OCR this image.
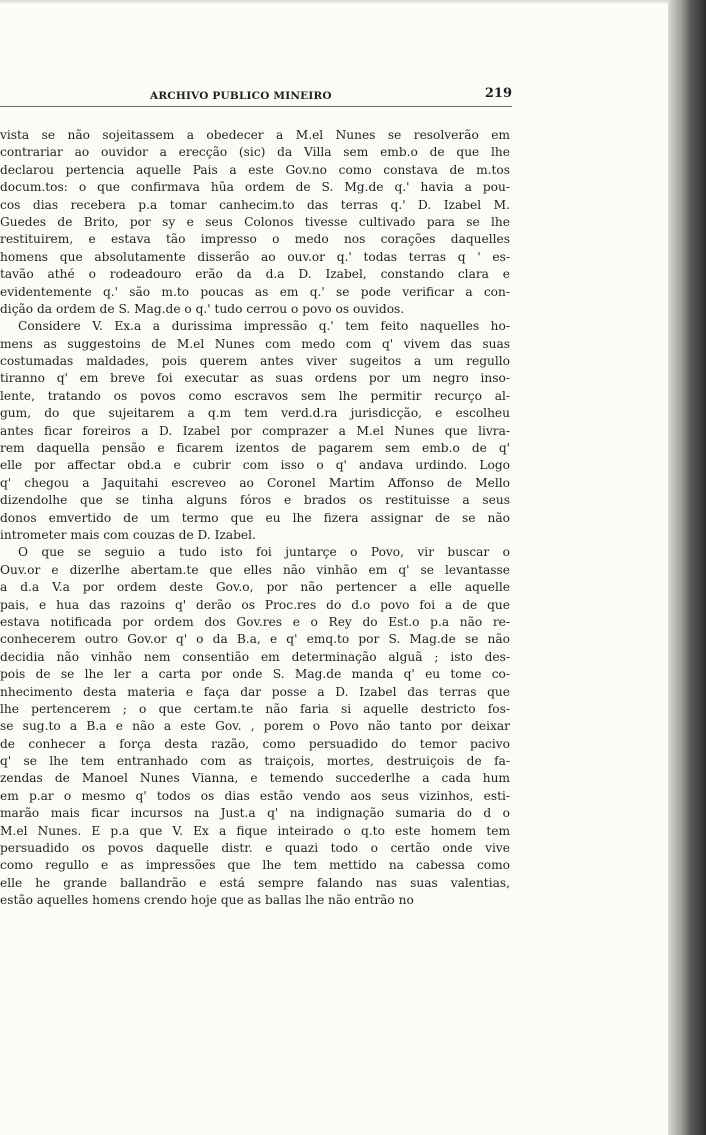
ARCHIVO PUBLICO MINEIRO	219
vista se não sojeitassem a obedecer a M.el Nunes se resolverão em
contrariar ao ouvidor a erecção (sic) da Villa sem emb.o de que lhe
declarou pertencia aquelle Pais a este Gov.no como constava de m.tos
docum.tos: o que confirmava hũa ordem de S. Mg.de q.' havia a pou-
cos dias recebera p.a tomar canhecim.to das terras q.' D. Izabel M.
Guedes de Brito, por sy e seus Colonos tivesse cultivado para se lhe
restituirem, e estava tão impresso o medo nos corações daquelles
homens que absolutamente disserão ao ouv.or q.' todas terras q ' es-
tavão athé o rodeadouro erão da d.a D. Izabel, constando clara e
evidentemente q.' são m.to poucas as em q.' se pode verificar a con-
dição da ordem de S. Mag.de o q.' tudo cerrou o povo os ouvidos.
Considere V. Ex.a a durissima impressão q.' tem feito naquelles ho-
mens as suggestoins de M.el Nunes com medo com q' vivem das suas
costumadas maldades, pois querem antes viver sugeitos a um regullo
tiranno q' em breve foi executar as suas ordens por um negro inso-
lente, tratando os povos como escravos sem lhe permitir recurço al-
gum, do que sujeitarem a q.m tem verd.d.ra jurisdicção, e escolheu
antes ficar foreiros a D. Izabel por comprazer a M.el Nunes que livra-
rem daquella pensão e ficarem izentos de pagarem sem emb.o de q'
elle por affectar obd.a e cubrir com isso o q' andava urdindo. Logo
q' chegou a Jaquitahi escreveo ao Coronel Martim Affonso de Mello
dizendolhe que se tinha alguns fóros e brados os restituisse a seus
donos emvertido de um termo que eu lhe fizera assignar de se não
intrometer mais com couzas de D. Izabel.
O que se seguio a tudo isto foi juntarçe o Povo, vir buscar o
Ouv.or e dizerlhe abertam.te que elles não vinhão em q' se levantasse
a d.a V.a por ordem deste Gov.o, por não pertencer a elle aquelle
pais, e hua das razoins q' derão os Proc.res do d.o povo foi a de que
estava notificada por ordem dos Gov.res e o Rey do Est.o p.a não re-
conhecerem outro Gov.or q' o da B.a, e q' emq.to por S. Mag.de se não
decidia não vinhão nem consentião em determinação alguã ; isto des-
pois de se lhe ler a carta por onde S. Mag.de manda q' eu tome co-
nhecimento desta materia e faça dar posse a D. Izabel das terras que
lhe pertencerem ; o que certam.te não faria si aquelle destricto fos-
se sug.to a B.a e não a este Gov. , porem o Povo não tanto por deixar
de conhecer a força desta razão, como persuadido do temor pacivo
q' se lhe tem entranhado com as traiçois, mortes, destruiçois de fa-
zendas de Manoel Nunes Vianna, e temendo succederlhe a cada hum
em p.ar o mesmo q' todos os dias estão vendo aos seus vizinhos, esti-
marão mais ficar incursos na Just.a q' na indignação sumaria do d o
M.el Nunes. E p.a que V. Ex a fique inteirado o q.to este homem tem
persuadido os povos daquelle distr. e quazi todo o certão onde vive
como regullo e as impressões que lhe tem mettido na cabessa como
elle he grande ballandrão e está sempre falando nas suas valentias,
estão aquelles homens crendo hoje que as ballas lhe não entrão no
